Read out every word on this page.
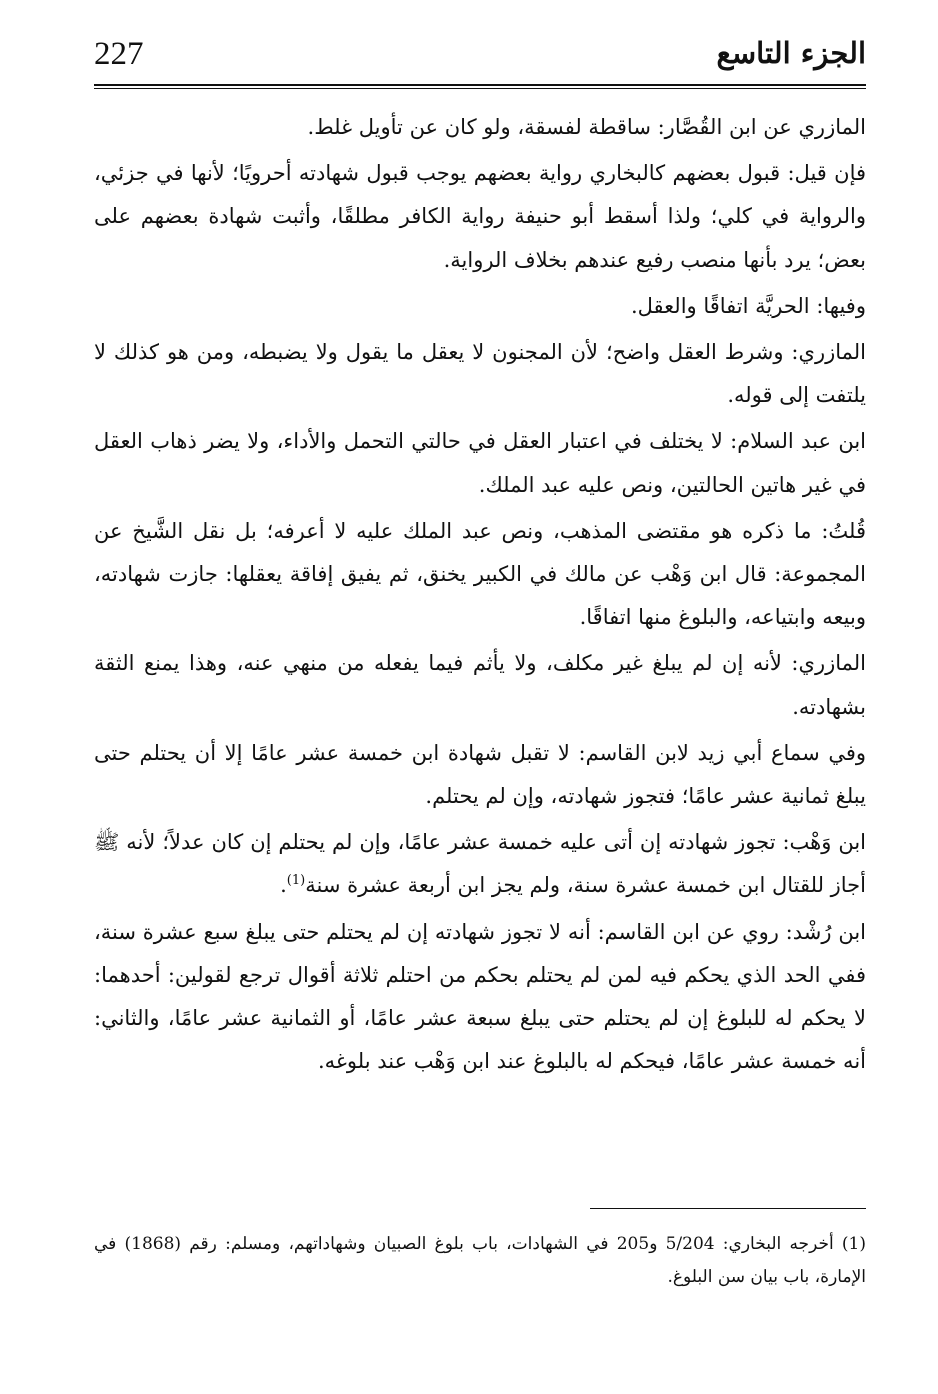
227	الجزء التاسع

المازري عن ابن القُصَّار: ساقطة لفسقة، ولو كان عن تأويل غلط.

فإن قيل: قبول بعضهم كالبخاري رواية بعضهم يوجب قبول شهادته أحرويًا؛ لأنها في جزئي، والرواية في كلي؛ ولذا أسقط أبو حنيفة رواية الكافر مطلقًا، وأثبت شهادة بعضهم على بعض؛ يرد بأنها منصب رفيع عندهم بخلاف الرواية.

وفيها: الحريَّة اتفاقًا والعقل.

المازري: وشرط العقل واضح؛ لأن المجنون لا يعقل ما يقول ولا يضبطه، ومن هو كذلك لا يلتفت إلى قوله.

ابن عبد السلام: لا يختلف في اعتبار العقل في حالتي التحمل والأداء، ولا يضر ذهاب العقل في غير هاتين الحالتين، ونص عليه عبد الملك.

قُلتُ: ما ذكره هو مقتضى المذهب، ونص عبد الملك عليه لا أعرفه؛ بل نقل الشَّيخ عن المجموعة: قال ابن وَهْب عن مالك في الكبير يخنق، ثم يفيق إفاقة يعقلها: جازت شهادته، وبيعه وابتياعه، والبلوغ منها اتفاقًا.

المازري: لأنه إن لم يبلغ غير مكلف، ولا يأثم فيما يفعله من منهي عنه، وهذا يمنع الثقة بشهادته.

وفي سماع أبي زيد لابن القاسم: لا تقبل شهادة ابن خمسة عشر عامًا إلا أن يحتلم حتى يبلغ ثمانية عشر عامًا؛ فتجوز شهادته، وإن لم يحتلم.

ابن وَهْب: تجوز شهادته إن أتى عليه خمسة عشر عامًا، وإن لم يحتلم إن كان عدلاً؛ لأنه ﷺ أجاز للقتال ابن خمسة عشرة سنة، ولم يجز ابن أربعة عشرة سنة$^{(1)}$.

ابن رُشْد: روي عن ابن القاسم: أنه لا تجوز شهادته إن لم يحتلم حتى يبلغ سبع عشرة سنة، ففي الحد الذي يحكم فيه لمن لم يحتلم بحكم من احتلم ثلاثة أقوال ترجع لقولين: أحدهما: لا يحكم له للبلوغ إن لم يحتلم حتى يبلغ سبعة عشر عامًا، أو الثمانية عشر عامًا، والثاني: أنه خمسة عشر عامًا، فيحكم له بالبلوغ عند ابن وَهْب عند بلوغه.

(1) أخرجه البخاري: 5/204 و205 في الشهادات، باب بلوغ الصبيان وشهاداتهم، ومسلم: رقم (1868) في الإمارة، باب بيان سن البلوغ.
